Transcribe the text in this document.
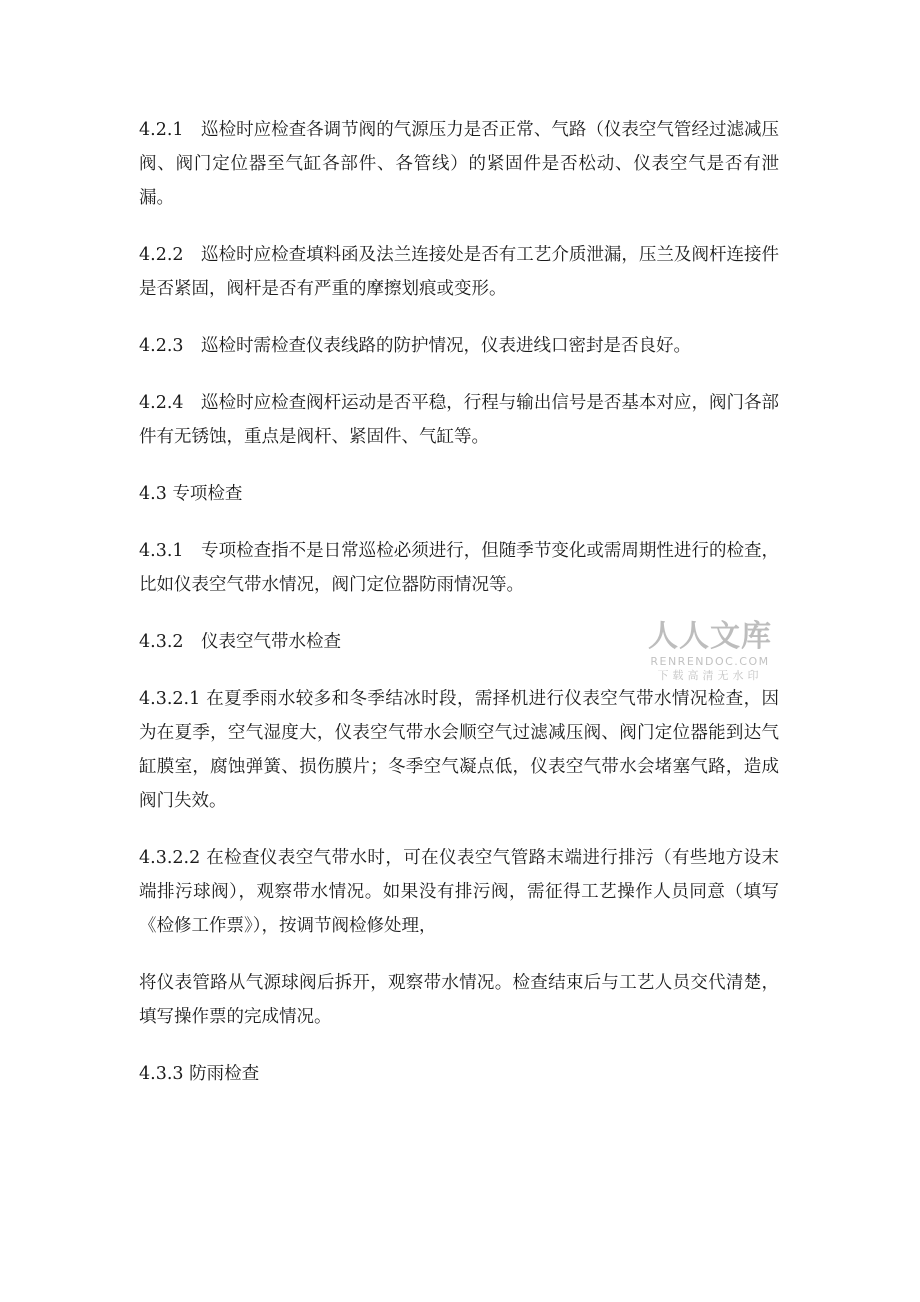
4.2.1　巡检时应检查各调节阀的气源压力是否正常、气路（仪表空气管经过滤减压阀、阀门定位器至气缸各部件、各管线）的紧固件是否松动、仪表空气是否有泄漏。

4.2.2　巡检时应检查填料函及法兰连接处是否有工艺介质泄漏，压兰及阀杆连接件是否紧固，阀杆是否有严重的摩擦划痕或变形。

4.2.3　巡检时需检查仪表线路的防护情况，仪表进线口密封是否良好。

4.2.4　巡检时应检查阀杆运动是否平稳，行程与输出信号是否基本对应，阀门各部件有无锈蚀，重点是阀杆、紧固件、气缸等。

4.3 专项检查

4.3.1　专项检查指不是日常巡检必须进行，但随季节变化或需周期性进行的检查，比如仪表空气带水情况，阀门定位器防雨情况等。

4.3.2　仪表空气带水检查

4.3.2.1 在夏季雨水较多和冬季结冰时段，需择机进行仪表空气带水情况检查，因为在夏季，空气湿度大，仪表空气带水会顺空气过滤减压阀、阀门定位器能到达气缸膜室，腐蚀弹簧、损伤膜片；冬季空气凝点低，仪表空气带水会堵塞气路，造成阀门失效。

4.3.2.2 在检查仪表空气带水时，可在仪表空气管路末端进行排污（有些地方设末端排污球阀），观察带水情况。如果没有排污阀，需征得工艺操作人员同意（填写《检修工作票》），按调节阀检修处理，

将仪表管路从气源球阀后拆开，观察带水情况。检查结束后与工艺人员交代清楚，填写操作票的完成情况。

4.3.3 防雨检查

人人文库
RENRENDOC.COM
下载高清无水印
